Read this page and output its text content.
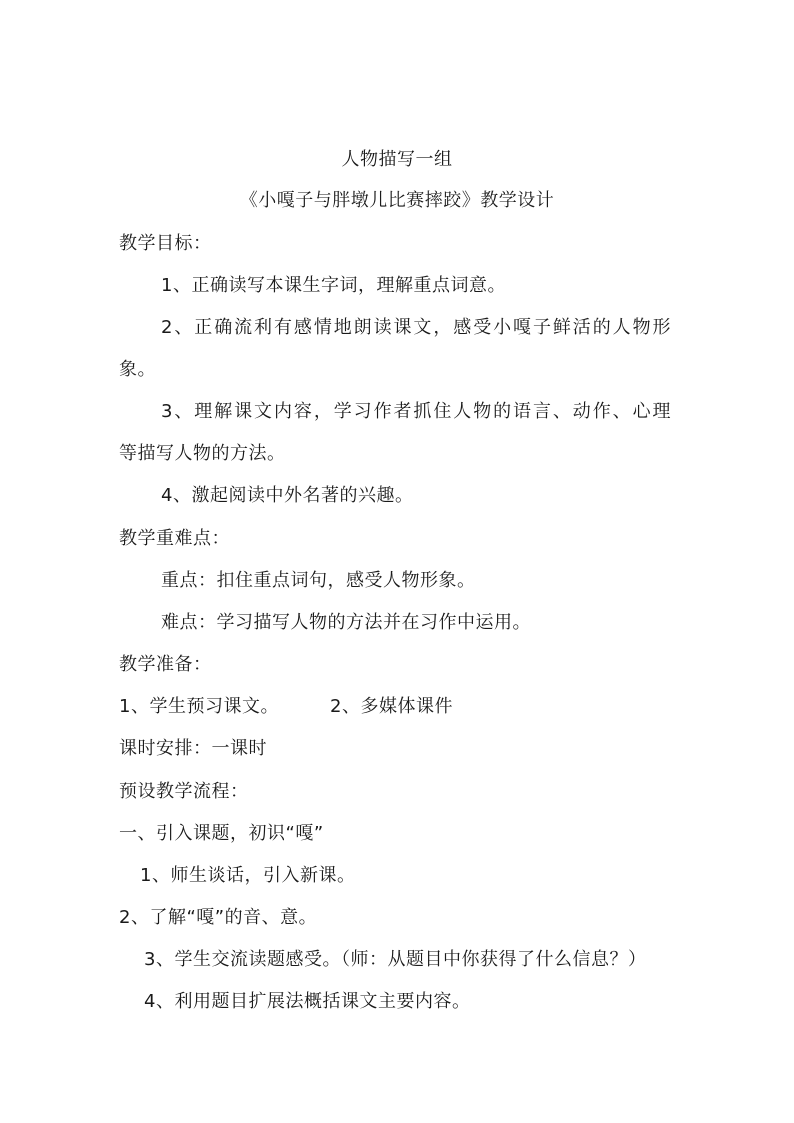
人物描写一组
《小嘎子与胖墩儿比赛摔跤》教学设计
教学目标：
1、正确读写本课生字词，理解重点词意。
2、正确流利有感情地朗读课文，感受小嘎子鲜活的人物形
象。
3、理解课文内容，学习作者抓住人物的语言、动作、心理
等描写人物的方法。
4、激起阅读中外名著的兴趣。
教学重难点：
重点：扣住重点词句，感受人物形象。
难点：学习描写人物的方法并在习作中运用。
教学准备：
1、学生预习课文。	2、多媒体课件
课时安排：一课时
预设教学流程：
一、引入课题，初识“嘎”
1、师生谈话，引入新课。
2、了解“嘎”的音、意。
3、学生交流读题感受。（师：从题目中你获得了什么信息？）
4、利用题目扩展法概括课文主要内容。
